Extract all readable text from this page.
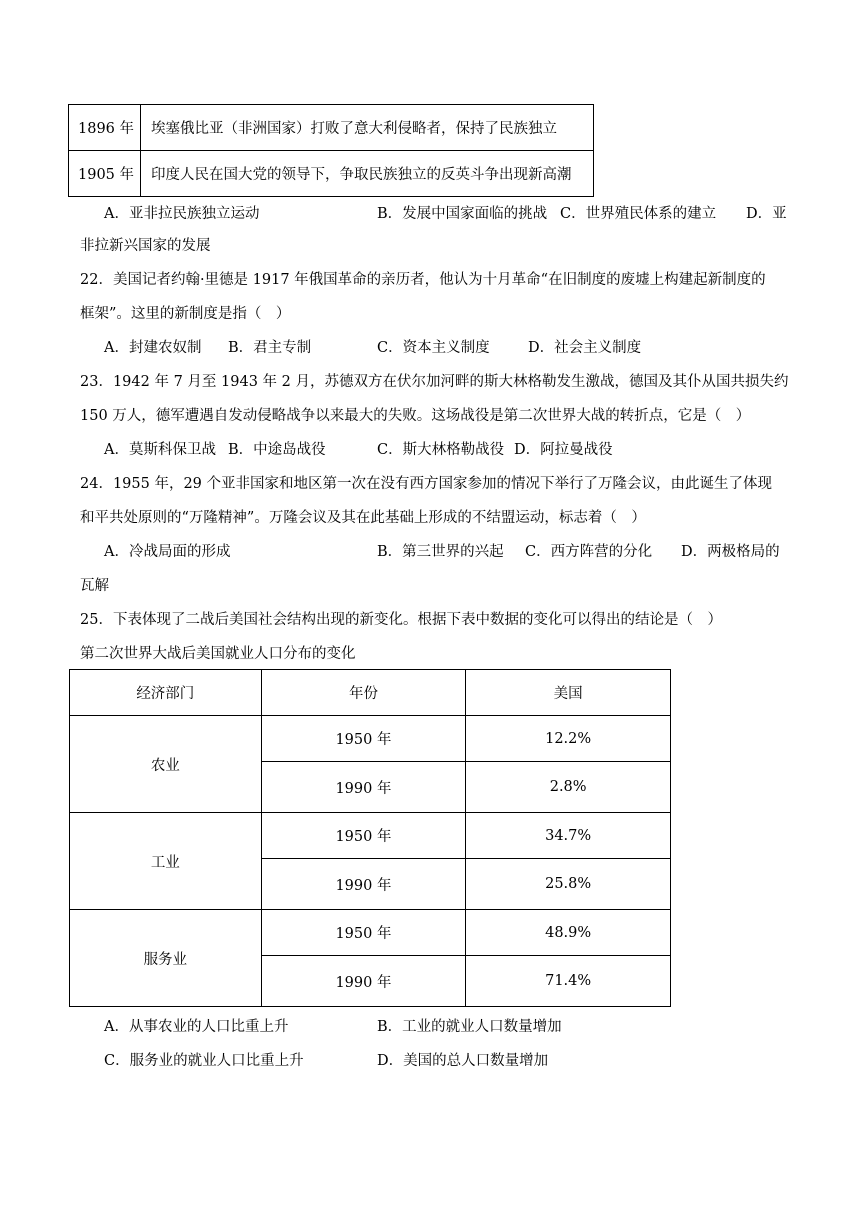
1896 年	埃塞俄比亚（非洲国家）打败了意大利侵略者，保持了民族独立
1905 年	印度人民在国大党的领导下，争取民族独立的反英斗争出现新高潮
A．亚非拉民族独立运动	B．发展中国家面临的挑战 C．世界殖民体系的建立 D．亚
非拉新兴国家的发展
22．美国记者约翰·里德是 1917 年俄国革命的亲历者，他认为十月革命“在旧制度的废墟上构建起新制度的
框架”。这里的新制度是指（　）
A．封建农奴制 B．君主专制	C．资本主义制度	D．社会主义制度
23．1942 年 7 月至 1943 年 2 月，苏德双方在伏尔加河畔的斯大林格勒发生激战，德国及其仆从国共损失约
150 万人，德军遭遇自发动侵略战争以来最大的失败。这场战役是第二次世界大战的转折点，它是（　）
A．莫斯科保卫战 B．中途岛战役	C．斯大林格勒战役 D．阿拉曼战役
24．1955 年，29 个亚非国家和地区第一次在没有西方国家参加的情况下举行了万隆会议，由此诞生了体现
和平共处原则的“万隆精神”。万隆会议及其在此基础上形成的不结盟运动，标志着（　）
A．冷战局面的形成	B．第三世界的兴起 C．西方阵营的分化 D．两极格局的
瓦解
25．下表体现了二战后美国社会结构出现的新变化。根据下表中数据的变化可以得出的结论是（　）
第二次世界大战后美国就业人口分布的变化
经济部门	年份	美国
农业	1950 年	12.2%
	1990 年	2.8%
工业	1950 年	34.7%
	1990 年	25.8%
服务业	1950 年	48.9%
	1990 年	71.4%
A．从事农业的人口比重上升	B．工业的就业人口数量增加
C．服务业的就业人口比重上升	D．美国的总人口数量增加
